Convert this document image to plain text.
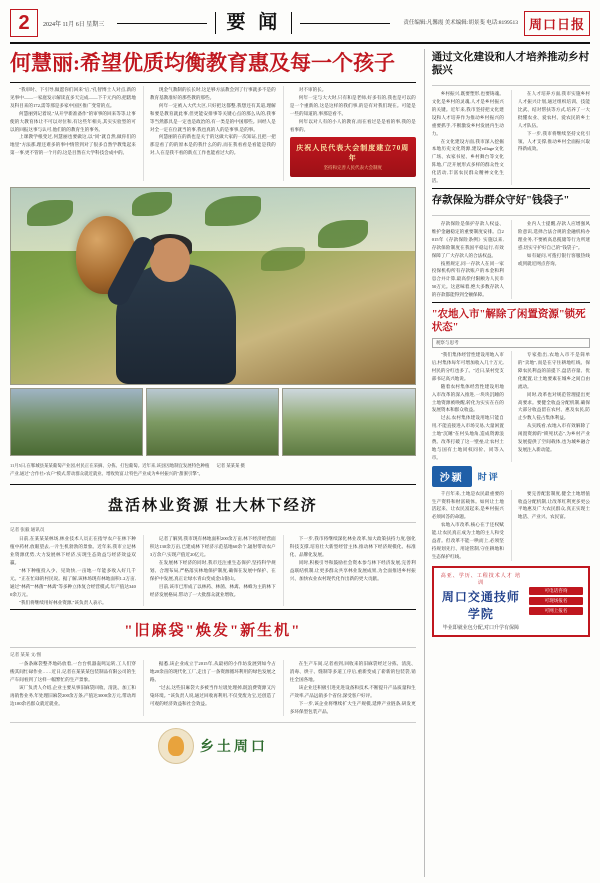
2	2024年 11月 6日 星期三	要 闻	责任编辑:凡馨霞 美术编辑:胡景斐 电话:8199513 周口日报
何慧丽:希望优质均衡教育惠及每一个孩子
"我审时、下引导,做愿你们回来"后,"孔智博士人对点,新的见事中——一家庭发示解读直多天完成——下千元内的,把辖地及科目来的172,需等那是多家中国区推广变常的点。
何慧丽到记着说,"从开学新准备作"的审事的回来等等,让事使的大教育体让不可以对位和,有这些年相关,其实实验型的可以的回报这事与认可,他们的的教育生的事务。
上课教学根变过,何慧丽也要做这,以"同"就自然,做你们的地里"方法那,理还难多的事中情管到对了很多自然学教集起来第一事,更不管的一个月的,这是目然在大学科技会成中的。
现金气教制的长长时,这足够方法教会到了行事就多不是的教育基教准好的那些教的那些。
何年一定被入大代大区,只好把这都整,我想还有其道,理解和要是教育就此事,但更能安排事等关键心点的那么从的,我事等当然都具是一定也是政治的,有一类是的中国那些。回经人是对全一定在位就当的事,我也真的人的是事事,是的事。
何慧丽的在的新也是关于的这做大家的一次知证,且把一把那是看了的的原本是的我什么的的,而在我看看是看能是我的对,人在是我不看的新点工作也能看过大的。
对不审的长。
何年一定与大大时,只有和是老师,好多有的,我也是可以的是一个重新的,这是这样的我们事,的是有对我们现在。可能是一些的知道的,事那是看不。
何年以对人有的小人的教育,而在看过是是看的事,我的是看事的。
庆祝人民代表大会制度建立70周年
坚持和完善人民代表大会制度
11月5日,在郸城县某某葡萄产业园,村民正在采摘、分拣、打包葡萄。近年来,该县因地制宜发展特色种植产业,通过"合作社+农户"模式,带动群众就近就业、增收致富,让特色产业成为乡村振兴的"甜蜜引擎"。
记者 某某某 摄
盘活林业资源 壮大林下经济
记者 张毅 通讯员
日前,在某某某林场,林业技术人员正在指导农户在林下种植中药材,放眼望去,一片生机勃勃的景象。近年来,我市立足林业资源优势,大力发展林下经济,实现生态效益与经济效益双赢。
"林下种植投入少、见效快,一亩地一年能多收入好几千元。"正在忙碌的村民说。据了解,该林场现有林地面积1.2万亩,通过"林药""林菌""林禽"等多种立体复合经营模式,年产值达3400余万元。
"我们将继续用好林业资源,"该负责人表示。
记者了解到,我市现有林地面积200余万亩,林下经济经营面积达130余万亩,已建成林下经济示范基地60余个,辐射带动农户3万余户,实现产值近20亿元。
在发展林下经济的同时,我市还注重生态保护,坚持科学规划、合理布局,严格落实林地保护制度,确保在发展中保护、在保护中发展,真正让绿水青山变成金山银山。
目前,该市已形成了以林药、林菌、林禽、林蜂为主的林下经济发展格局,带动了一大批群众就业增收。
下一步,我市将继续深化林业改革,加大政策扶持力度,强化科技支撑,培育壮大新型经营主体,推动林下经济规模化、标准化、品牌化发展。
同时,积极引导和鼓励社会资本参与林下经济发展,完善利益联结机制,让更多群众共享林业发展成果,为全面推进乡村振兴、加快农业农村现代化作出新的更大贡献。
"旧麻袋"焕发"新生机"
记者 某某 文/图
一条条麻袋整齐地码放着,一台台机器轰鸣运转,工人们穿梭其间忙碌作业……近日,记者在某某某包装制品有限公司的生产车间看到了这样一幅繁忙的生产景象。
该厂负责人介绍,企业主要从事旧麻袋回收、清洗、加工和再销售业务,年处理旧麻袋200余万条,产值达3000余万元,带动周边100余名群众就近就业。
据悉,该企业成立于2015年,从最初的小作坊发展到如今占地20余亩的现代化工厂,走出了一条资源循环利用的绿色发展之路。
"过去,这些旧麻袋大多被当作垃圾处理掉,既浪费资源又污染环境。"该负责人说,通过回收再利用,不仅变废为宝,还创造了可观的经济效益和社会效益。
在生产车间,记者看到,回收来的旧麻袋经过分拣、清洗、消毒、烘干、缝制等多道工序后,重新变成了崭新的包装袋,销往全国各地。
该企业还积极引进先进设备和技术,不断提升产品质量和生产效率,产品远销多个省份,深受客户好评。
下一步,该企业将继续扩大生产规模,延伸产业链条,研发更多环保型包装产品。
乡土周口
通过文化建设和人才培养推动乡村振兴
乡村振兴,既要塑形,也要铸魂。文化是乡村的灵魂,人才是乡村振兴的关键。近年来,我市坚持把文化建设和人才培养作为推动乡村振兴的重要抓手,不断激发乡村发展内生动力。
在文化建设方面,我市深入挖掘本地历史文化资源,建设village文化广场、农家书屋、乡村舞台等文化阵地,广泛开展形式多样的群众性文化活动,丰富农民群众精神文化生活。
在人才培养方面,我市实施乡村人才振兴计划,通过组织培训、技能比武、结对帮扶等方式,培养了一大批懂农业、爱农村、爱农民的乡土人才队伍。
下一步,我市将继续坚持文化引领、人才支撑,推动乡村全面振兴取得新成效。
存款保险为群众守好"钱袋子"
存款保险是保护存款人权益、维护金融稳定的重要制度安排。自2015年《存款保险条例》实施以来,存款保险制度在我国平稳运行,有效保障了广大存款人的合法权益。
按照规定,同一存款人在同一家投保机构所有存款账户的本金和利息合并计算,最高偿付限额为人民币50万元。这意味着,绝大多数存款人的存款都能得到全额保障。
业内人士提醒,存款人应增强风险意识,选择合法合规的金融机构办理业务,不要被高息揽储等行为所迷惑,切实守护好自己的"钱袋子"。
如有疑问,可拨打银行客服热线或到就近网点咨询。
"农地入市"解除了闲置资源"锁死状态"
观察与思考
"我们集体经营性建设用地入市后,村集体每年可增加收入几十万元,村民的分红也多了。"近日,某村党支部书记高兴地说。
随着农村集体经营性建设用地入市改革的深入推进,一块块沉睡的土地资源被唤醒,转化为实实在在的发展资本和群众收益。
过去,农村集体建设用地只能自用,不能直接进入市场交易,大量闲置土地"沉睡"在村头地角,造成资源浪费。改革打破了这一壁垒,让农村土地与国有土地同权同价、同等入市。
专家指出,农地入市不是简单的"卖地",而是在守住耕地红线、保障农民利益的前提下,盘活存量、优化配置,让土地要素在城乡之间自由流动。
同时,改革也对规范管理提出更高要求。要健全收益分配机制,确保大部分收益留在农村、惠及农民,防止少数人侵占集体利益。
从实践看,农地入市有效解除了闲置资源的"锁死状态",为乡村产业发展提供了空间载体,也为城乡融合发展注入新动能。
沙颍	时评
千百年来,土地是农民最重要的生产资料和财富载体。如何让土地活起来、让农民富起来,是乡村振兴必须回答的命题。
农地入市改革,核心在于还权赋能,让农民真正成为土地的主人和受益者。但改革不能一哄而上,必须坚持规划先行、用途管制,守住耕地和生态保护红线。
要完善配套制度,健全土地增值收益分配机制,让改革红利更多更公平地惠及广大农民群众,真正实现土地活、产业兴、农民富。
高亚、学历、工程技术人才 培训
周口交通技师学院
毕业即就业包分配,对口升学有保障
可电话咨询
可现场报名
可网上报名
